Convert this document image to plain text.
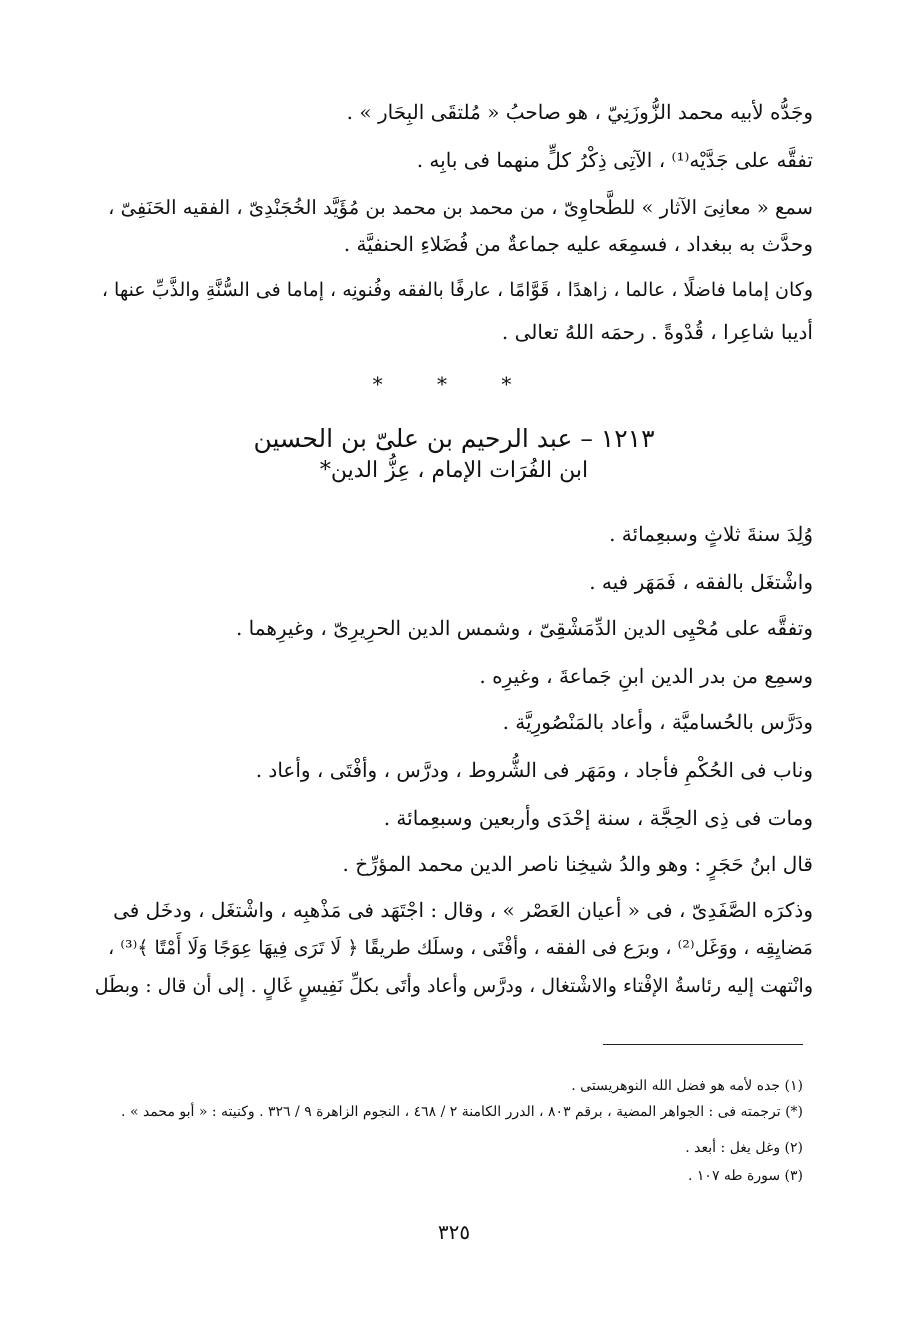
وجَدُّه لأبيه محمد الزُّوزَنِيّ ، هو صاحبُ « مُلتقَى البِحَار » .

تفقَّه على جَدَّيْه⁽¹⁾ ، الآتِى ذِكْرُ كلٍّ منهما فى بابِه .

سمع « معانِىَ الآثار » للطَّحاوِىّ ، من محمد بن محمد بن مُؤَيَّد الخُجَنْدِىّ ، الفقيه الحَنَفِىّ ،

وحدَّث به ببغداد ، فسمِعَه عليه جماعةٌ من فُضَلاءِ الحنفيَّة .

وكان إماما فاضلًا ، عالما ، زاهدًا ، قَوَّامًا ، عارفًا بالفقه وفُنونِه ، إماما فى السُّنَّةِ والذَّبِّ عنها ،

أديبا شاعِرا ، قُدْوةً . رحمَه اللهُ تعالى .

* * *
١٢١٣ – عبد الرحيم بن علىّ بن الحسين
ابن الفُرَات الإمام ، عِزُّ الدين*

وُلِدَ سنةَ ثلاثٍ وسبعِمائة .

واشْتغَل بالفقه ، فَمَهَر فيه .

وتفقَّه على مُحْيِى الدين الدِّمَشْقِىّ ، وشمس الدين الحرِيرِىّ ، وغيرِهما .

وسمِع من بدر الدين ابنِ جَماعةَ ، وغيرِه .

ودَرَّس بالحُساميَّة ، وأعاد بالمَنْصُورِيَّة .

وناب فى الحُكْمِ فأجاد ، ومَهَر فى الشُّروط ، ودرَّس ، وأفْتَى ، وأعاد .

ومات فى ذِى الحِجَّة ، سنة إحْدَى وأربعين وسبعِمائة .

قال ابنُ حَجَرٍ : وهو والدُ شيخِنا ناصر الدين محمد المؤرِّخ .

وذكرَه الصَّفَدِىّ ، فى « أعيان العَصْر » ، وقال : اجْتَهَد فى مَذْهبِه ، واشْتغَل ، ودخَل فى

مَضايِقِه ، ووَغَل⁽²⁾ ، وبرَع فى الفقه ، وأفْتَى ، وسلَك طريقًا ﴿ لَا تَرَى فِيهَا عِوَجًا وَلَا أَمْتًا ﴾⁽³⁾ ،

وانْتهت إليه رئاسةُ الإفْتاء والاشْتغال ، ودرَّس وأعاد وأتَى بكلِّ نَفِيسٍ غَالٍ . إلى أن قال : وبطَل

(١) جده لأمه هو فضل الله النوهريستى .

(*) ترجمته فى : الجواهر المضية ، برقم ٨٠٣ ، الدرر الكامنة ٢ / ٤٦٨ ، النجوم الزاهرة ٩ / ٣٢٦ . وكنيته : « أبو محمد » .

(٢) وغل يغل : أبعد .

(٣) سورة طه ١٠٧ .

٣٢٥
